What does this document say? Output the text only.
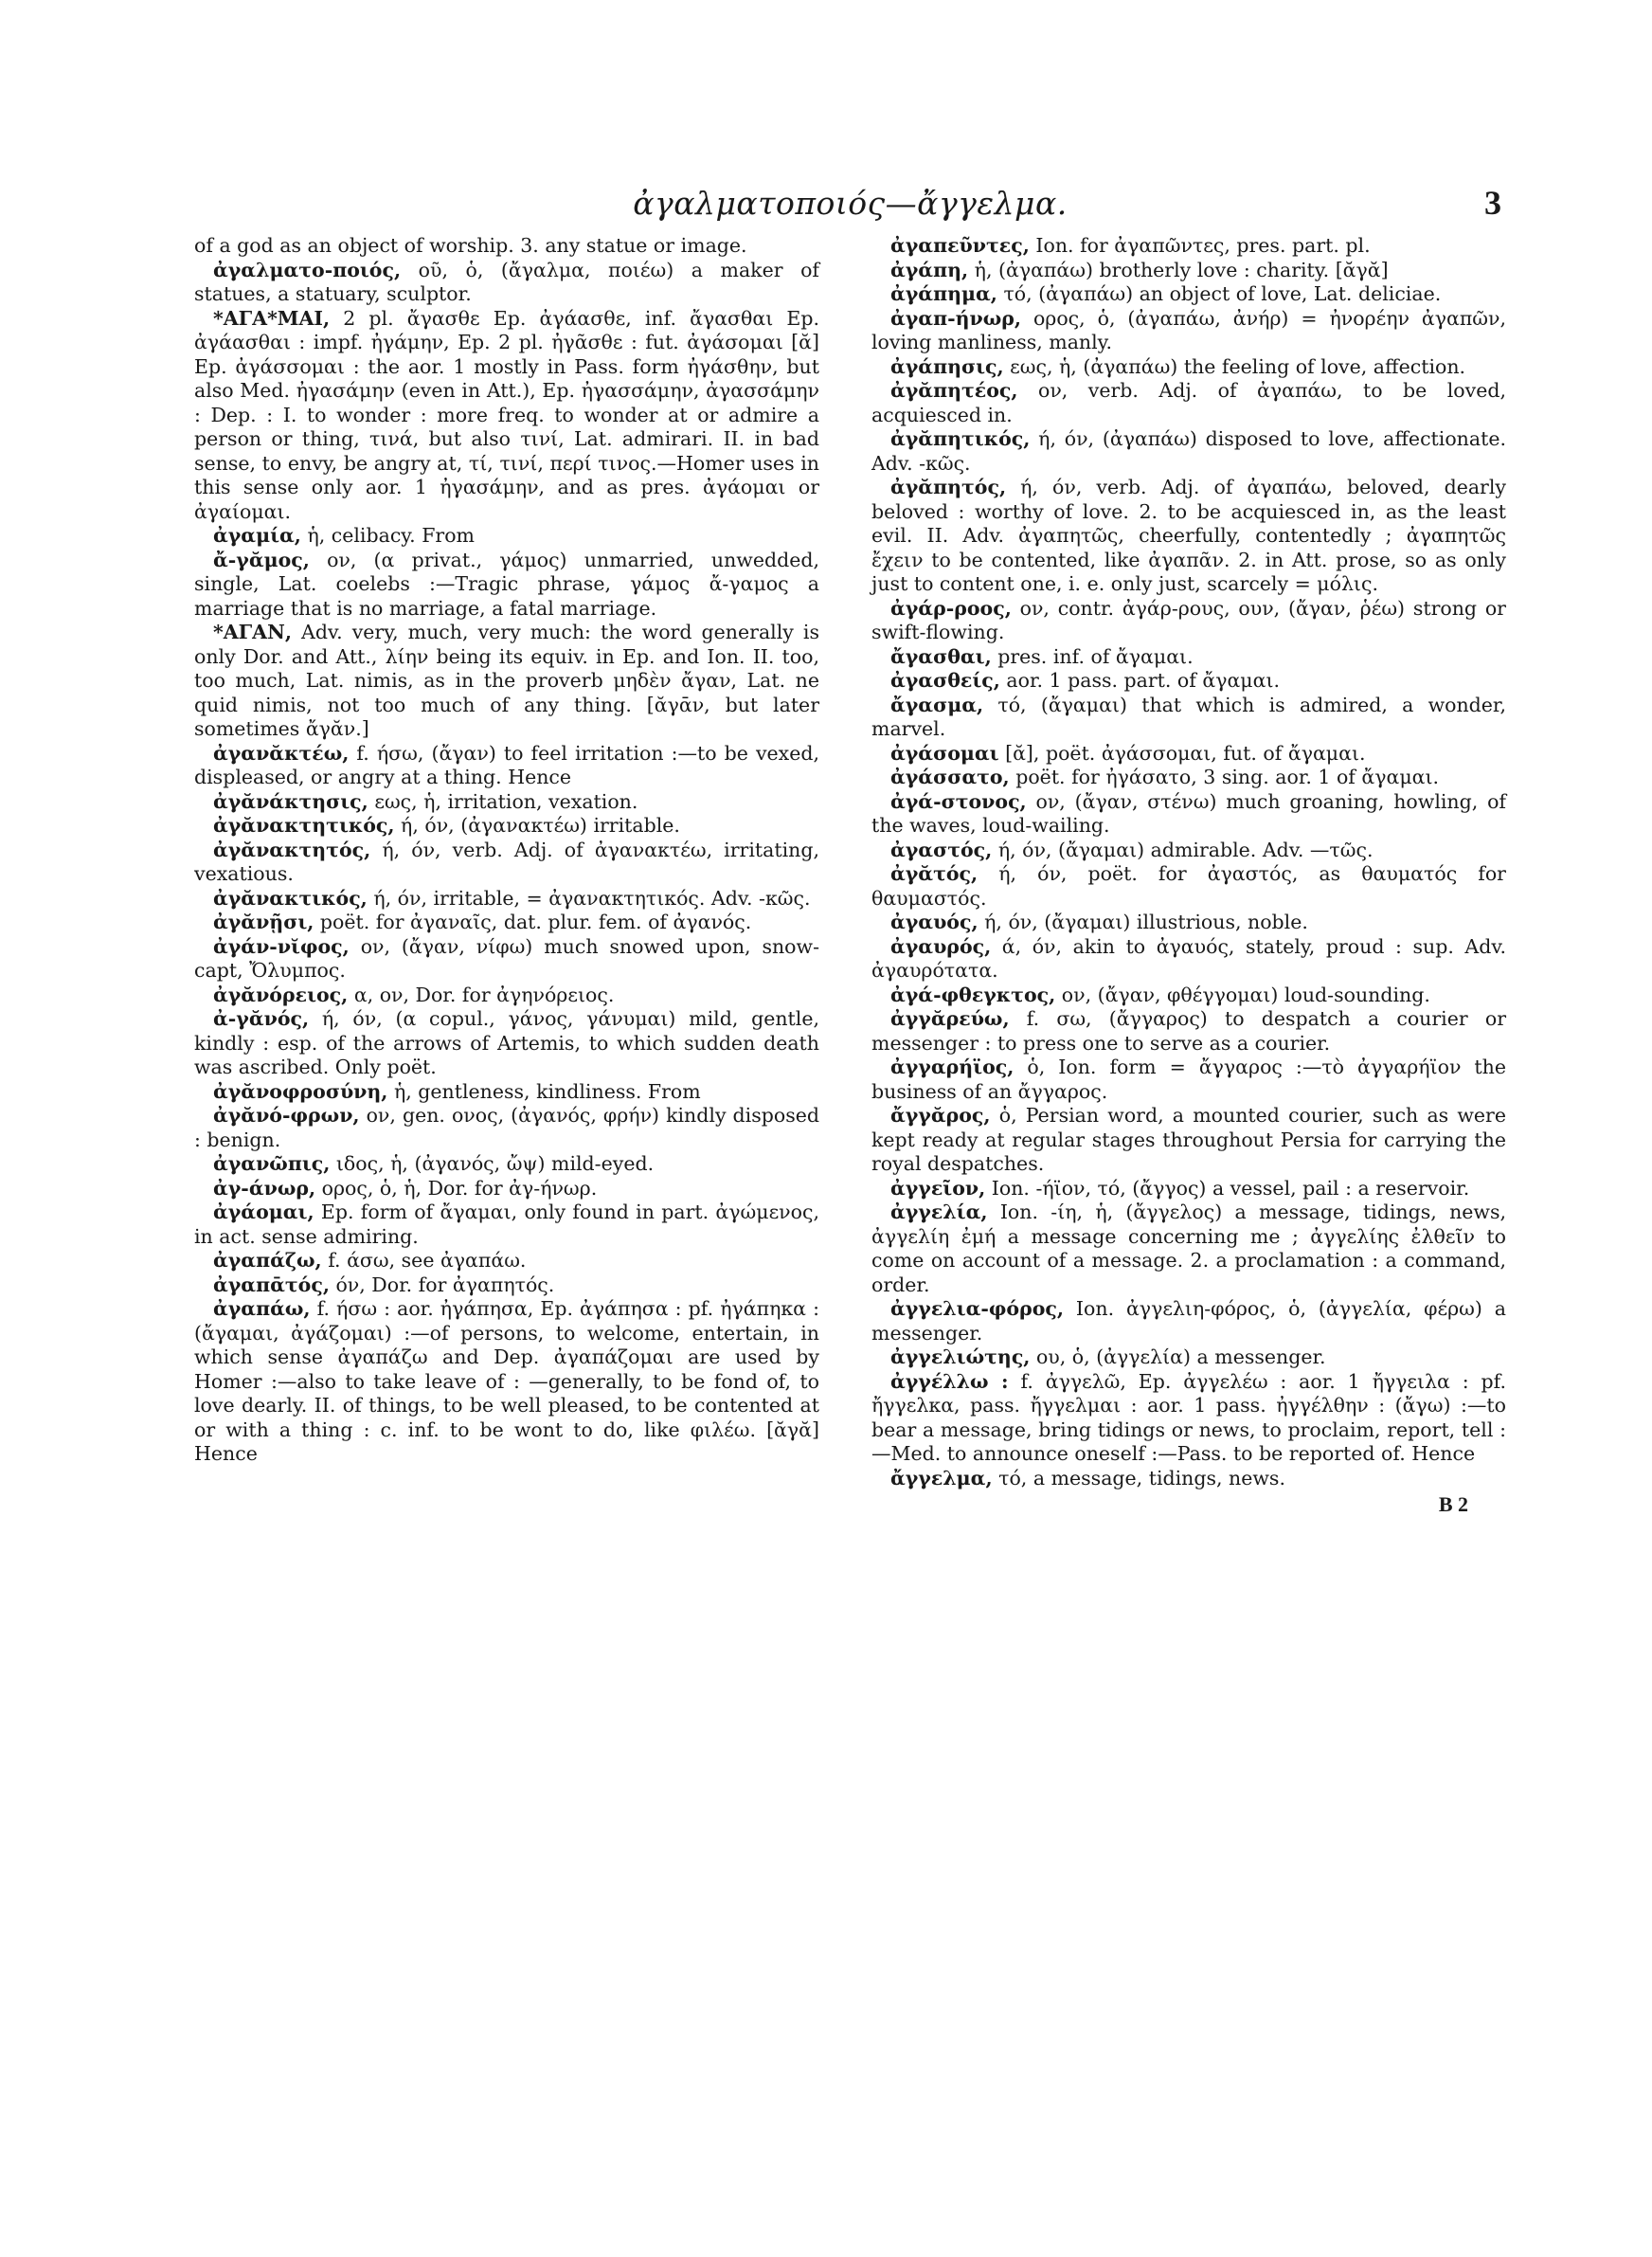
ἀγαλματοποιός—ἄγγελμα.	3

of a god as an object of worship. 3. any statue or image.

ἀγαλματο-ποιός, οῦ, ὁ, (ἄγαλμα, ποιέω) a maker of statues, a statuary, sculptor.

*ΑΓΑ*ΜΑΙ, 2 pl. ἄγασθε Ep. ἀγάασθε, inf. ἄγασθαι Ep. ἀγάασθαι : impf. ἠγάμην, Ep. 2 pl. ἠγᾶσθε : fut. ἀγάσομαι [ᾰ] Ep. ἀγάσσομαι : the aor. 1 mostly in Pass. form ἠγάσθην, but also Med. ἠγασάμην (even in Att.), Ep. ἠγασσάμην, ἀγασσάμην : Dep. : I. to wonder : more freq. to wonder at or admire a person or thing, τινά, but also τινί, Lat. admirari. II. in bad sense, to envy, be angry at, τί, τινί, περί τινος.—Homer uses in this sense only aor. 1 ἠγασάμην, and as pres. ἀγάομαι or ἀγαίομαι.

ἀγαμία, ἡ, celibacy. From

ἄ-γᾰμος, ον, (α privat., γάμος) unmarried, unwedded, single, Lat. coelebs :—Tragic phrase, γάμος ἄ-γαμος a marriage that is no marriage, a fatal marriage.

*ΑΓΑΝ, Adv. very, much, very much: the word generally is only Dor. and Att., λίην being its equiv. in Ep. and Ion. II. too, too much, Lat. nimis, as in the proverb μηδὲν ἄγαν, Lat. ne quid nimis, not too much of any thing. [ᾰγᾱν, but later sometimes ἄγᾰν.]

ἀγανᾰκτέω, f. ήσω, (ἄγαν) to feel irritation :—to be vexed, displeased, or angry at a thing. Hence

ἀγᾰνάκτησις, εως, ἡ, irritation, vexation.

ἀγᾰνακτητικός, ή, όν, (ἀγανακτέω) irritable.

ἀγᾰνακτητός, ή, όν, verb. Adj. of ἀγανακτέω, irritating, vexatious.

ἀγᾰνακτικός, ή, όν, irritable, = ἀγανακτητικός. Adv. -κῶς.

ἀγᾰνῇσι, poët. for ἀγαναῖς, dat. plur. fem. of ἀγανός.

ἀγάν-νῐφος, ον, (ἄγαν, νίφω) much snowed upon, snow-capt, Ὄλυμπος.

ἀγᾰνόρειος, α, ον, Dor. for ἀγηνόρειος.

ἀ-γᾰνός, ή, όν, (α copul., γάνος, γάνυμαι) mild, gentle, kindly : esp. of the arrows of Artemis, to which sudden death was ascribed. Only poët.

ἀγᾰνοφροσύνη, ἡ, gentleness, kindliness. From

ἀγᾰνό-φρων, ον, gen. ονος, (ἀγανός, φρήν) kindly disposed : benign.

ἀγανῶπις, ιδος, ἡ, (ἀγανός, ὤψ) mild-eyed.

ἀγ-άνωρ, ορος, ὁ, ἡ, Dor. for ἀγ-ήνωρ.

ἀγάομαι, Ep. form of ἄγαμαι, only found in part. ἀγώμενος, in act. sense admiring.

ἀγαπάζω, f. άσω, see ἀγαπάω.

ἀγαπᾱτός, όν, Dor. for ἀγαπητός.

ἀγαπάω, f. ήσω : aor. ἠγάπησα, Ep. ἀγάπησα : pf. ἠγάπηκα : (ἄγαμαι, ἀγάζομαι) :—of persons, to welcome, entertain, in which sense ἀγαπάζω and Dep. ἀγαπάζομαι are used by Homer :—also to take leave of : —generally, to be fond of, to love dearly. II. of things, to be well pleased, to be contented at or with a thing : c. inf. to be wont to do, like φιλέω. [ᾰγᾰ] Hence

ἀγαπεῦντες, Ion. for ἀγαπῶντες, pres. part. pl.

ἀγάπη, ἡ, (ἀγαπάω) brotherly love : charity. [ᾰγᾰ]

ἀγάπημα, τό, (ἀγαπάω) an object of love, Lat. deliciae.

ἀγαπ-ήνωρ, ορος, ὁ, (ἀγαπάω, ἀνήρ) = ἠνορέην ἀγαπῶν, loving manliness, manly.

ἀγάπησις, εως, ἡ, (ἀγαπάω) the feeling of love, affection.

ἀγᾰπητέος, ον, verb. Adj. of ἀγαπάω, to be loved, acquiesced in.

ἀγᾰπητικός, ή, όν, (ἀγαπάω) disposed to love, affectionate. Adv. -κῶς.

ἀγᾰπητός, ή, όν, verb. Adj. of ἀγαπάω, beloved, dearly beloved : worthy of love. 2. to be acquiesced in, as the least evil. II. Adv. ἀγαπητῶς, cheerfully, contentedly ; ἀγαπητῶς ἔχειν to be contented, like ἀγαπᾶν. 2. in Att. prose, so as only just to content one, i. e. only just, scarcely = μόλις.

ἀγάρ-ροος, ον, contr. ἀγάρ-ρους, ουν, (ἄγαν, ῥέω) strong or swift-flowing.

ἄγασθαι, pres. inf. of ἄγαμαι.

ἀγασθείς, aor. 1 pass. part. of ἄγαμαι.

ἄγασμα, τό, (ἄγαμαι) that which is admired, a wonder, marvel.

ἀγάσομαι [ᾰ], poët. ἀγάσσομαι, fut. of ἄγαμαι.

ἀγάσσατο, poët. for ἠγάσατο, 3 sing. aor. 1 of ἄγαμαι.

ἀγά-στονος, ον, (ἄγαν, στένω) much groaning, howling, of the waves, loud-wailing.

ἀγαστός, ή, όν, (ἄγαμαι) admirable. Adv. —τῶς.

ἀγᾰτός, ή, όν, poët. for ἀγαστός, as θαυματός for θαυμαστός.

ἀγαυός, ή, όν, (ἄγαμαι) illustrious, noble.

ἀγαυρός, ά, όν, akin to ἀγαυός, stately, proud : sup. Adv. ἀγαυρότατα.

ἀγά-φθεγκτος, ον, (ἄγαν, φθέγγομαι) loud-sounding.

ἀγγᾰρεύω, f. σω, (ἄγγαρος) to despatch a courier or messenger : to press one to serve as a courier.

ἀγγαρήϊος, ὁ, Ion. form = ἄγγαρος :—τὸ ἀγγαρήϊον the business of an ἄγγαρος.

ἄγγᾰρος, ὁ, Persian word, a mounted courier, such as were kept ready at regular stages throughout Persia for carrying the royal despatches.

ἀγγεῖον, Ion. -ήϊον, τό, (ἄγγος) a vessel, pail : a reservoir.

ἀγγελία, Ion. -ίη, ἡ, (ἄγγελος) a message, tidings, news, ἀγγελίη ἐμή a message concerning me ; ἀγγελίης ἐλθεῖν to come on account of a message. 2. a proclamation : a command, order.

ἀγγελια-φόρος, Ion. ἀγγελιη-φόρος, ὁ, (ἀγγελία, φέρω) a messenger.

ἀγγελιώτης, ου, ὁ, (ἀγγελία) a messenger.

ἀγγέλλω : f. ἀγγελῶ, Ep. ἀγγελέω : aor. 1 ἤγγειλα : pf. ἤγγελκα, pass. ἤγγελμαι : aor. 1 pass. ἠγγέλθην : (ἄγω) :—to bear a message, bring tidings or news, to proclaim, report, tell :—Med. to announce oneself :—Pass. to be reported of. Hence

ἄγγελμα, τό, a message, tidings, news.

B 2
